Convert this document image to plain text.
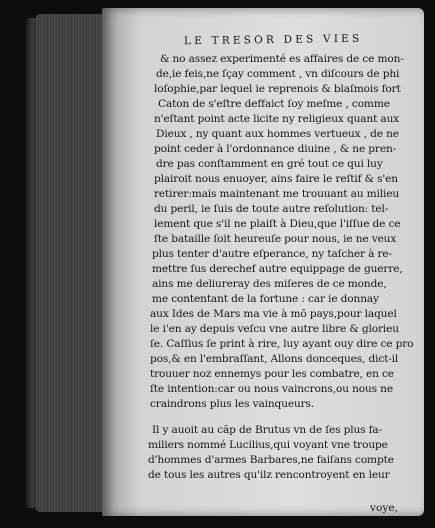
LE TRESOR DES VIES
& no assez experimenté es affaires de ce mon-
de,ie feis,ne ſçay comment , vn diſcours de phi
loſophie,par lequel ie reprenois & blaſmois fort
Caton de s'eſtre deffaict ſoy meſme , comme
n'eſtant point acte licite ny religieux quant aux
Dieux , ny quant aux hommes vertueux , de ne
point ceder à l'ordonnance diuine , & ne pren-
dre pas conſtamment en gré tout ce qui luy
plairoit nous enuoyer, ains faire le reſtif & s'en
retirer:mais maintenant me trouuant au milieu
du peril, ie ſuis de toute autre reſolution: tel-
lement que s'il ne plaiſt à Dieu,que l'iſſue de ce
ſte bataille ſoit heureuſe pour nous, ie ne veux
plus tenter d'autre eſperance, ny taſcher à re-
mettre ſus derechef autre equippage de guerre,
ains me deliureray des miſeres de ce monde,
me contentant de la fortune : car ie donnay
aux Ides de Mars ma vie à mõ pays,pour laquel
le i'en ay depuis veſcu vne autre libre & glorieu
ſe. Caſſius ſe print à rire, luy ayant ouy dire ce pro
pos,& en l'embraſſant, Allons donceques, dict-il
trouuer noz ennemys pour les combatre, en ce
ſte intention:car ou nous vaincrons,ou nous ne
craindrons plus les vainqueurs.
Il y auoit au cãp de Brutus vn de ſes plus fa-
miliers nommé Lucilius,qui voyant vne troupe
d'hommes d'armes Barbares,ne faiſans compte
de tous les autres qu'ilz rencontroyent en leur
voye,
